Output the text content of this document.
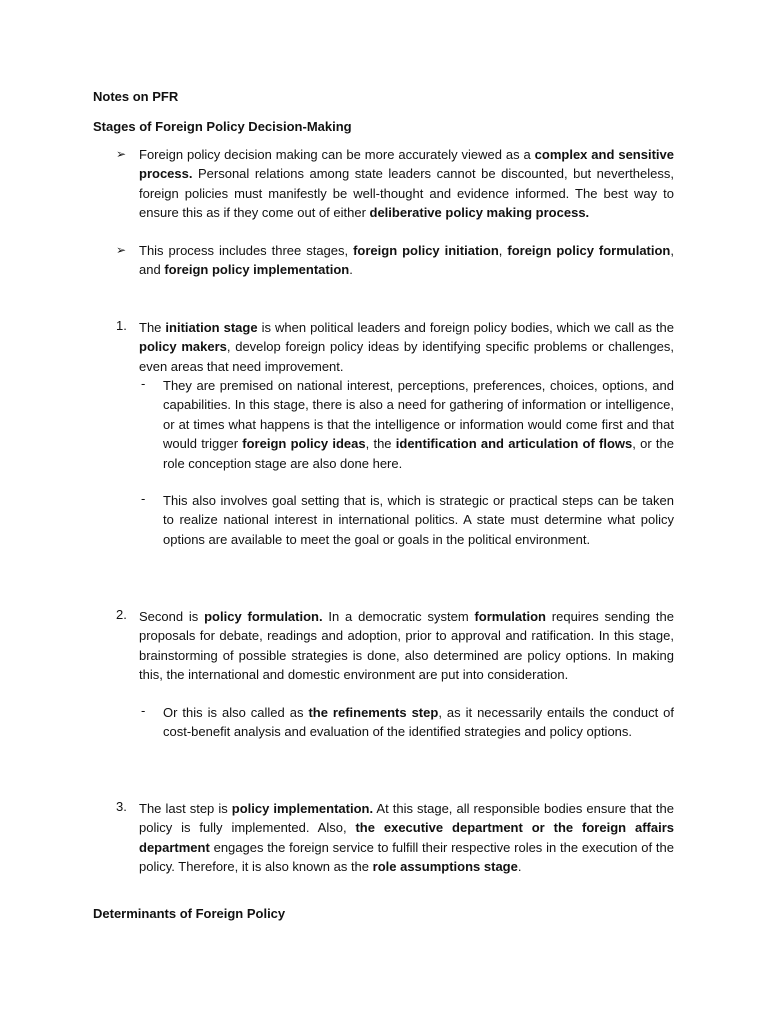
Notes on PFR
Stages of Foreign Policy Decision-Making
➢ Foreign policy decision making can be more accurately viewed as a complex and sensitive process. Personal relations among state leaders cannot be discounted, but nevertheless, foreign policies must manifestly be well-thought and evidence informed. The best way to ensure this as if they come out of either deliberative policy making process.
➢ This process includes three stages, foreign policy initiation, foreign policy formulation, and foreign policy implementation.
1. The initiation stage is when political leaders and foreign policy bodies, which we call as the policy makers, develop foreign policy ideas by identifying specific problems or challenges, even areas that need improvement.
- They are premised on national interest, perceptions, preferences, choices, options, and capabilities. In this stage, there is also a need for gathering of information or intelligence, or at times what happens is that the intelligence or information would come first and that would trigger foreign policy ideas, the identification and articulation of flows, or the role conception stage are also done here.
- This also involves goal setting that is, which is strategic or practical steps can be taken to realize national interest in international politics. A state must determine what policy options are available to meet the goal or goals in the political environment.
2. Second is policy formulation. In a democratic system formulation requires sending the proposals for debate, readings and adoption, prior to approval and ratification. In this stage, brainstorming of possible strategies is done, also determined are policy options. In making this, the international and domestic environment are put into consideration.
- Or this is also called as the refinements step, as it necessarily entails the conduct of cost-benefit analysis and evaluation of the identified strategies and policy options.
3. The last step is policy implementation. At this stage, all responsible bodies ensure that the policy is fully implemented. Also, the executive department or the foreign affairs department engages the foreign service to fulfill their respective roles in the execution of the policy. Therefore, it is also known as the role assumptions stage.
Determinants of Foreign Policy
